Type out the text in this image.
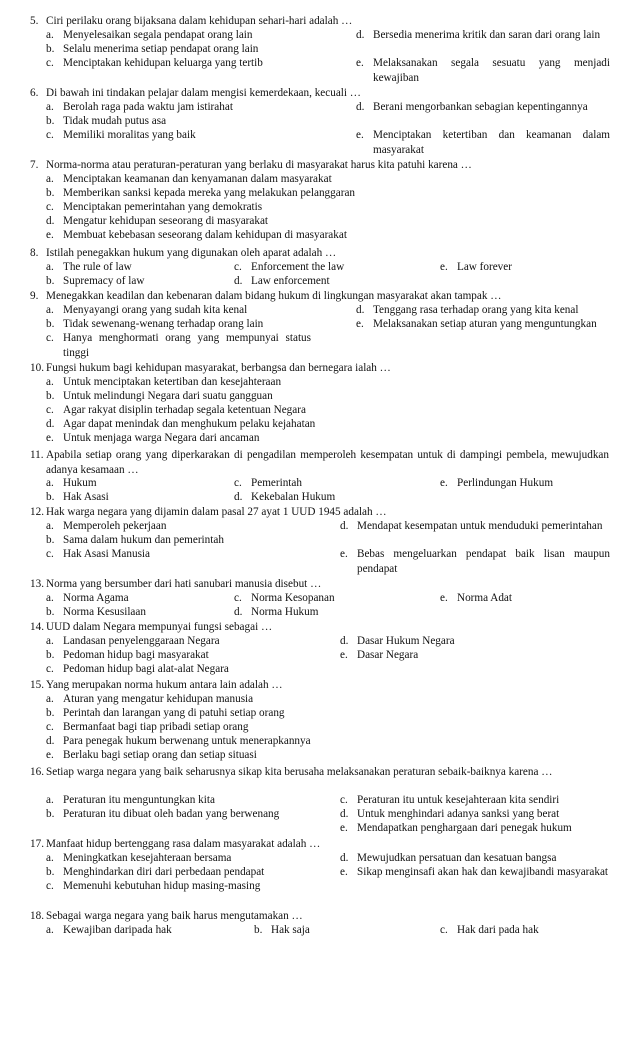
5. Ciri perilaku orang bijaksana dalam kehidupan sehari-hari adalah …
a. Menyelesaikan segala pendapat orang lain
b. Selalu menerima setiap pendapat orang lain
c. Menciptakan kehidupan keluarga yang tertib
d. Bersedia menerima kritik dan saran dari orang lain
e. Melaksanakan segala sesuatu yang menjadi kewajiban
6. Di bawah ini tindakan pelajar dalam mengisi kemerdekaan, kecuali …
a. Berolah raga pada waktu jam istirahat
b. Tidak mudah putus asa
c. Memiliki moralitas yang baik
d. Berani mengorbankan sebagian kepentingannya
e. Menciptakan ketertiban dan keamanan dalam masyarakat
7. Norma-norma atau peraturan-peraturan yang berlaku di masyarakat harus kita patuhi karena …
a. Menciptakan keamanan dan kenyamanan dalam masyarakat
b. Memberikan sanksi kepada mereka yang melakukan pelanggaran
c. Menciptakan pemerintahan yang demokratis
d. Mengatur kehidupan seseorang di masyarakat
e. Membuat kebebasan seseorang dalam kehidupan di masyarakat
8. Istilah penegakkan hukum yang digunakan oleh aparat adalah …
a. The rule of law
b. Supremacy of law
c. Enforcement the law
d. Law enforcement
e. Law forever
9. Menegakkan keadilan dan kebenaran dalam bidang hukum di lingkungan masyarakat akan tampak …
a. Menyayangi orang yang sudah kita kenal
b. Tidak sewenang-wenang terhadap orang lain
c. Hanya menghormati orang yang mempunyai status tinggi
d. Tenggang rasa terhadap orang yang kita kenal
e. Melaksanakan setiap aturan yang menguntungkan
10. Fungsi hukum bagi kehidupan masyarakat, berbangsa dan bernegara ialah …
a. Untuk menciptakan ketertiban dan kesejahteraan
b. Untuk melindungi Negara dari suatu gangguan
c. Agar rakyat disiplin terhadap segala ketentuan Negara
d. Agar dapat menindak dan menghukum pelaku kejahatan
e. Untuk menjaga warga Negara dari ancaman
11. Apabila setiap orang yang diperkarakan di pengadilan memperoleh kesempatan untuk di dampingi pembela, mewujudkan adanya kesamaan …
a. Hukum
b. Hak Asasi
c. Pemerintah
d. Kekebalan Hukum
e. Perlindungan Hukum
12. Hak warga negara yang dijamin dalam pasal 27 ayat 1 UUD 1945 adalah …
a. Memperoleh pekerjaan
b. Sama dalam hukum dan pemerintah
c. Hak Asasi Manusia
d. Mendapat kesempatan untuk menduduki pemerintahan
e. Bebas mengeluarkan pendapat baik lisan maupun pendapat
13. Norma yang bersumber dari hati sanubari manusia disebut …
a. Norma Agama
b. Norma Kesusilaan
c. Norma Kesopanan
d. Norma Hukum
e. Norma Adat
14. UUD dalam Negara mempunyai fungsi sebagai …
a. Landasan penyelenggaraan Negara
b. Pedoman hidup bagi masyarakat
c. Pedoman hidup bagi alat-alat Negara
d. Dasar Hukum Negara
e. Dasar Negara
15. Yang merupakan norma hukum antara lain adalah …
a. Aturan yang mengatur kehidupan manusia
b. Perintah dan larangan yang di patuhi setiap orang
c. Bermanfaat bagi tiap pribadi setiap orang
d. Para penegak hukum berwenang untuk menerapkannya
e. Berlaku bagi setiap orang dan setiap situasi
16. Setiap warga negara yang baik seharusnya sikap kita berusaha melaksanakan peraturan sebaik-baiknya karena …
a. Peraturan itu menguntungkan kita
b. Peraturan itu dibuat oleh badan yang berwenang
c. Peraturan itu untuk kesejahteraan kita sendiri
d. Untuk menghindari adanya sanksi yang berat
e. Mendapatkan penghargaan dari penegak hukum
17. Manfaat hidup bertenggang rasa dalam masyarakat adalah …
a. Meningkatkan kesejahteraan bersama
b. Menghindarkan diri dari perbedaan pendapat
c. Memenuhi kebutuhan hidup masing-masing
d. Mewujudkan persatuan dan kesatuan bangsa
e. Sikap menginsafi akan hak dan kewajibandi masyarakat
18. Sebagai warga negara yang baik harus mengutamakan …
a. Kewajiban daripada hak	b. Hak saja	c. Hak dari pada hak
